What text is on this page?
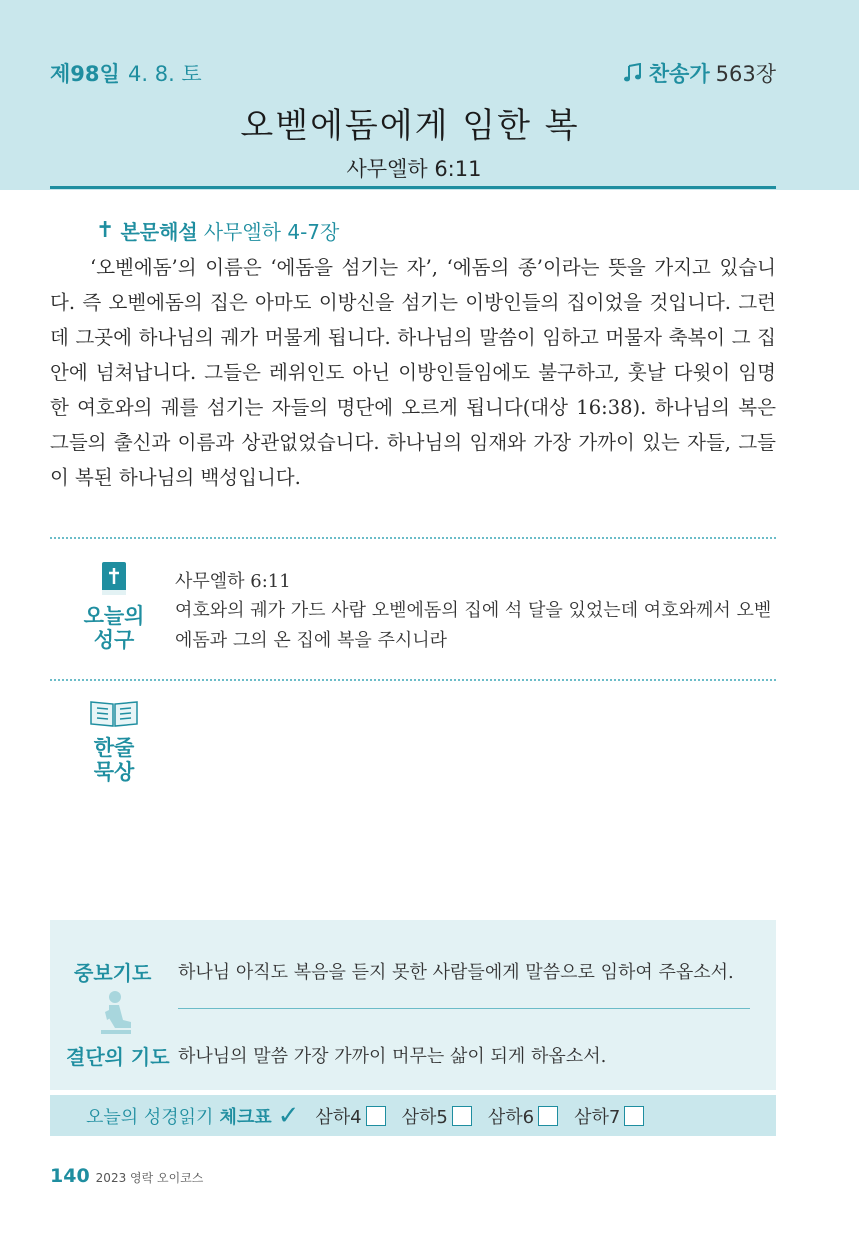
제98일 4. 8. 토	찬송가 563장
오벧에돔에게 임한 복
사무엘하 6:11
✝ 본문해설 사무엘하 4-7장

‘오벧에돔’의 이름은 ‘에돔을 섬기는 자’, ‘에돔의 종’이라는 뜻을 가지고 있습니다. 즉 오벧에돔의 집은 아마도 이방신을 섬기는 이방인들의 집이었을 것입니다. 그런데 그곳에 하나님의 궤가 머물게 됩니다. 하나님의 말씀이 임하고 머물자 축복이 그 집안에 넘쳐납니다. 그들은 레위인도 아닌 이방인들임에도 불구하고, 훗날 다윗이 임명한 여호와의 궤를 섬기는 자들의 명단에 오르게 됩니다(대상 16:38). 하나님의 복은 그들의 출신과 이름과 상관없었습니다. 하나님의 임재와 가장 가까이 있는 자들, 그들이 복된 하나님의 백성입니다.

오늘의
성구
사무엘하 6:11

여호와의 궤가 가드 사람 오벧에돔의 집에 석 달을 있었는데 여호와께서 오벧에돔과 그의 온 집에 복을 주시니라

한줄
묵상
중보기도 하나님 아직도 복음을 듣지 못한 사람들에게 말씀으로 임하여 주옵소서.
결단의 기도 하나님의 말씀 가장 가까이 머무는 삶이 되게 하옵소서.
오늘의 성경읽기 체크표 ✓ 삼하4 삼하5 삼하6 삼하7
140 2023 영락 오이코스
